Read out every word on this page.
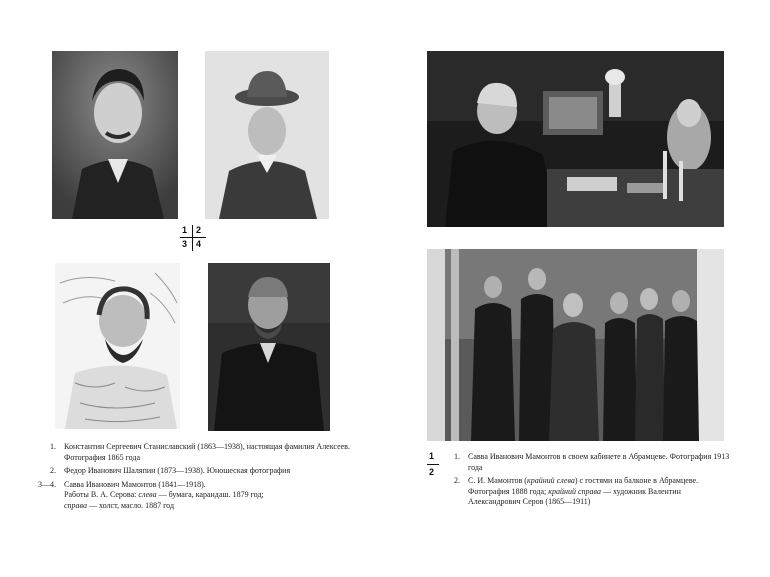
1 2
3 4
1.	Константин Сергеевич Станиславский (1863—1938), настоящая фамилия Алексеев. Фотография 1865 года
2.	Федор Иванович Шаляпин (1873—1938). Юношеская фотография
3—4.	Савва Иванович Мамонтов (1841—1918).
Работы В. А. Серова: слева — бумага, карандаш. 1879 год;
справа — холст, масло. 1887 год
1
2
1.	Савва Иванович Мамонтов в своем кабинете в Абрамцеве. Фотография 1913 года
2.	С. И. Мамонтов (крайний слева) с гостями на балконе в Абрамцеве. Фотография 1888 года; крайний справа — художник Валентин Александрович Серов (1865—1911)
